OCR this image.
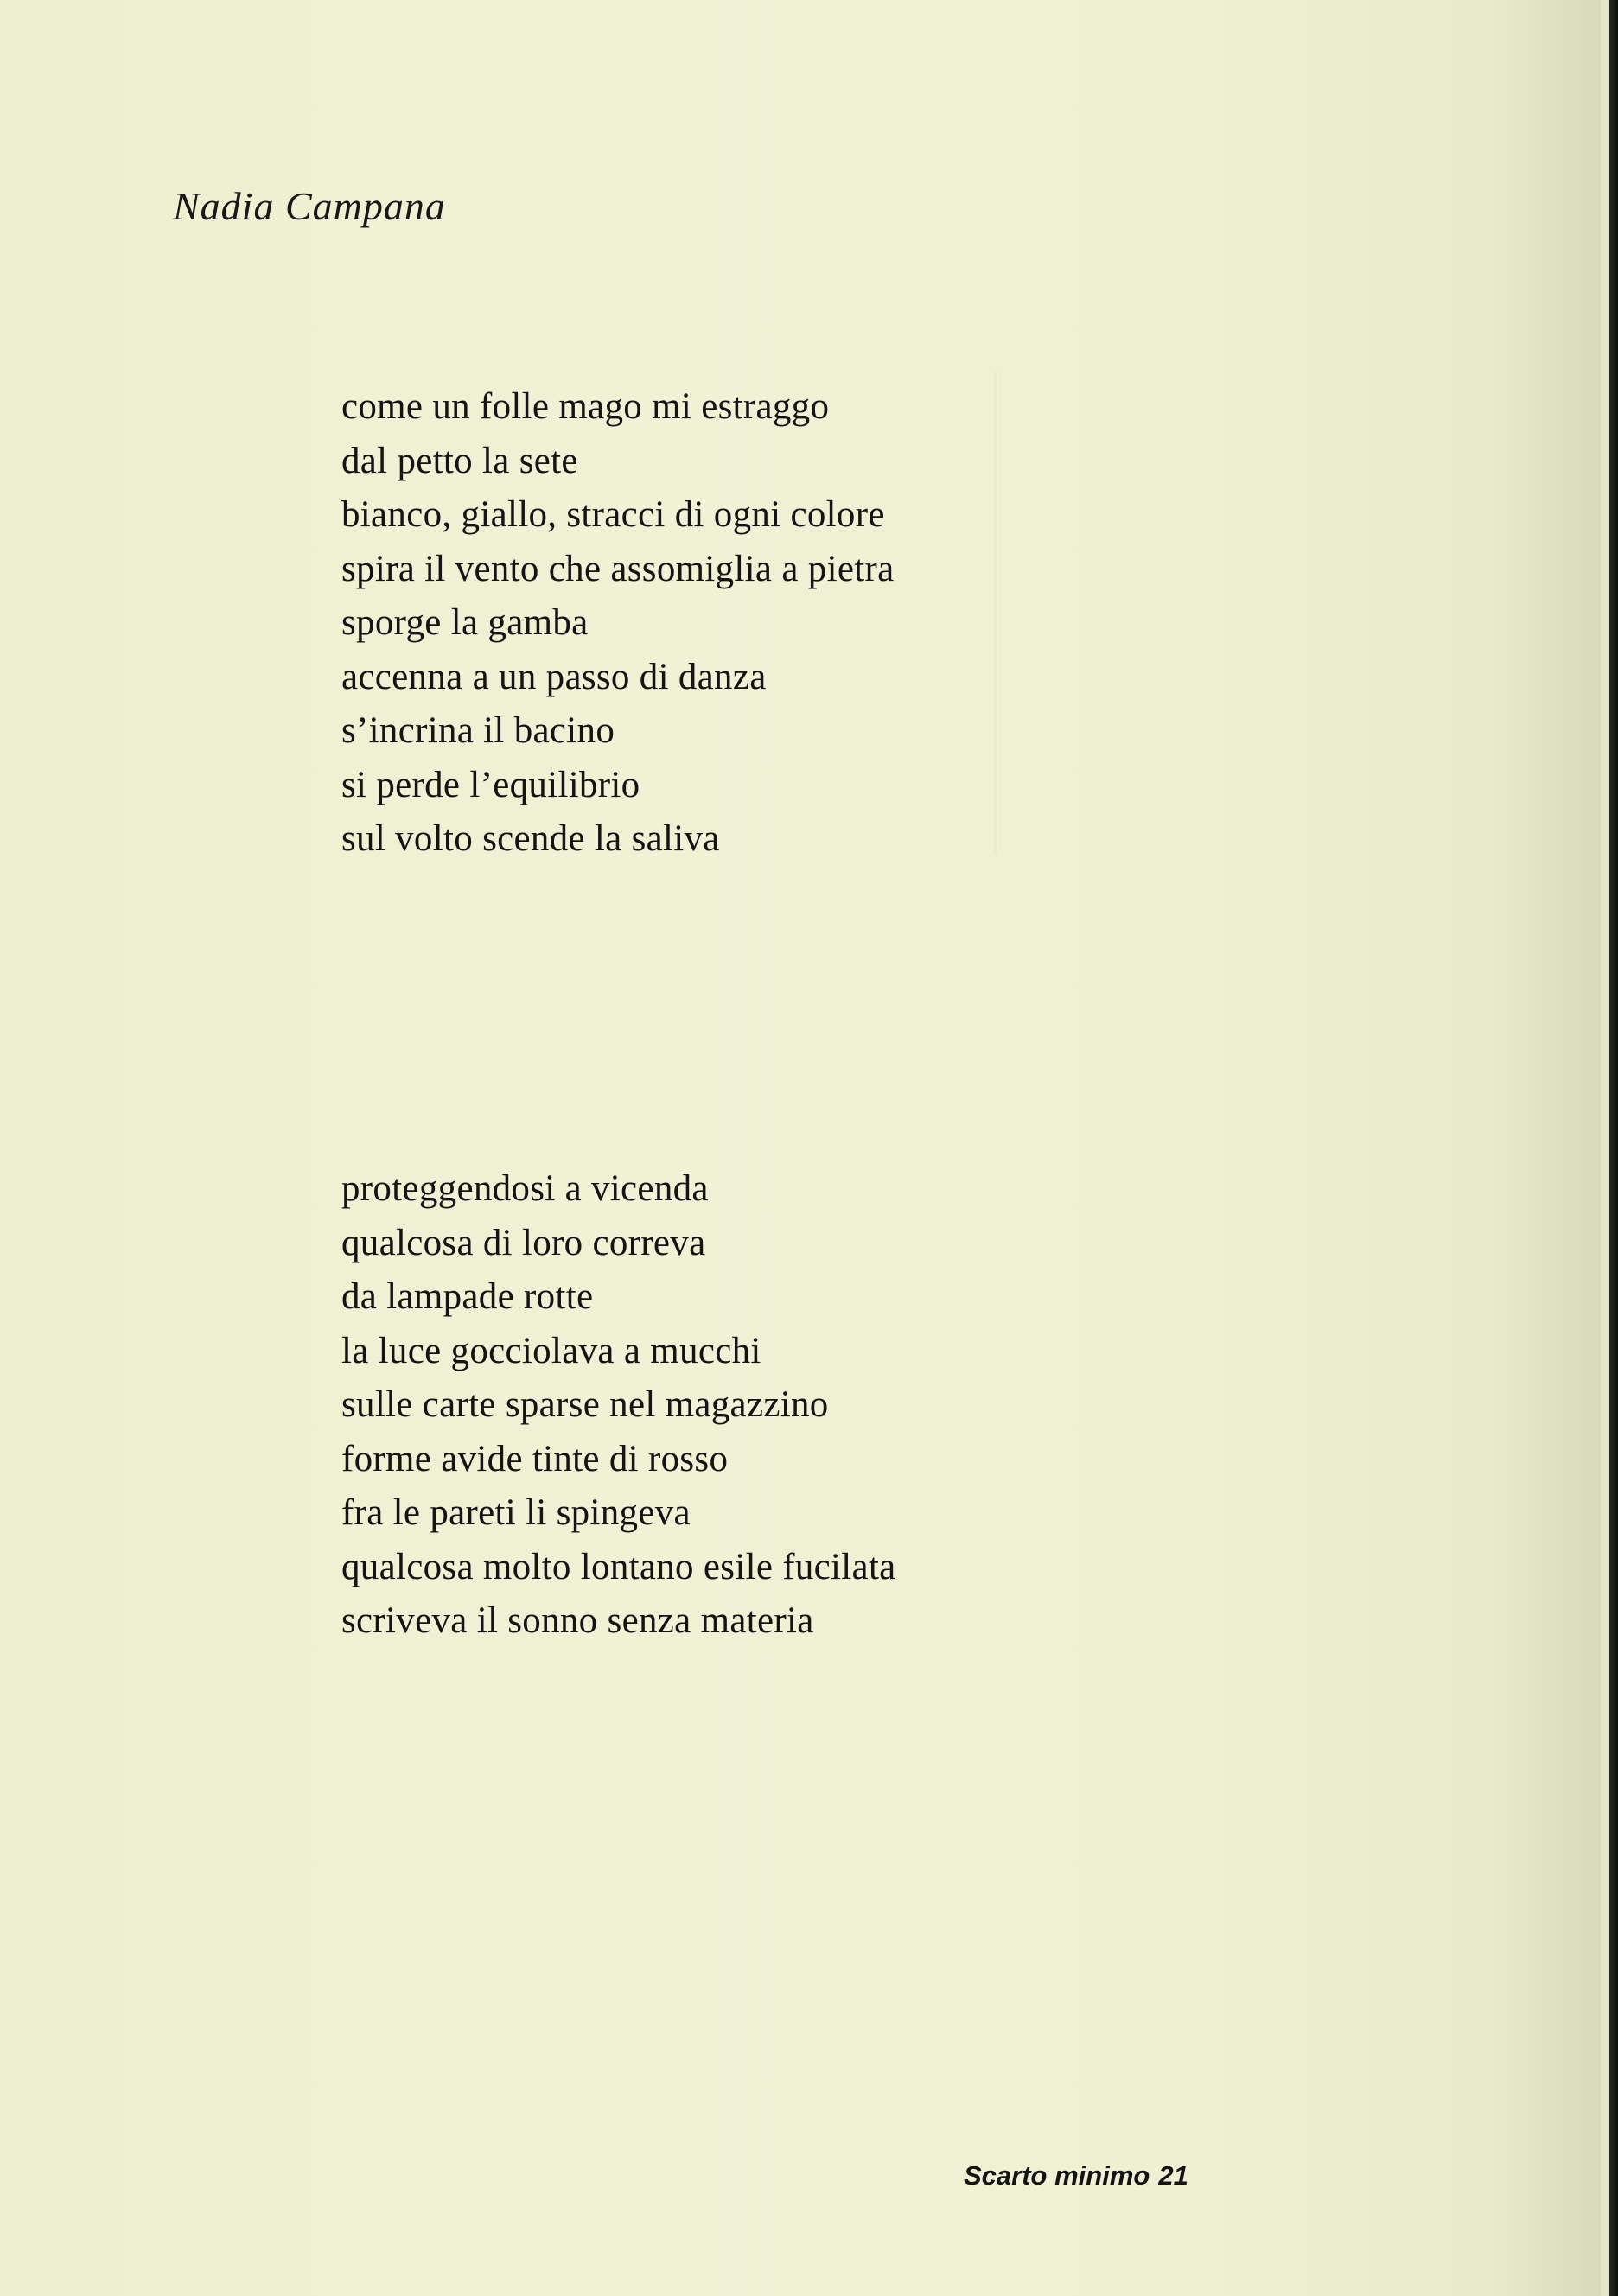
Nadia Campana
come un folle mago mi estraggo
dal petto la sete
bianco, giallo, stracci di ogni colore
spira il vento che assomiglia a pietra
sporge la gamba
accenna a un passo di danza
s’incrina il bacino
si perde l’equilibrio
sul volto scende la saliva
proteggendosi a vicenda
qualcosa di loro correva
da lampade rotte
la luce gocciolava a mucchi
sulle carte sparse nel magazzino
forme avide tinte di rosso
fra le pareti li spingeva
qualcosa molto lontano esile fucilata
scriveva il sonno senza materia
Scarto minimo 21
